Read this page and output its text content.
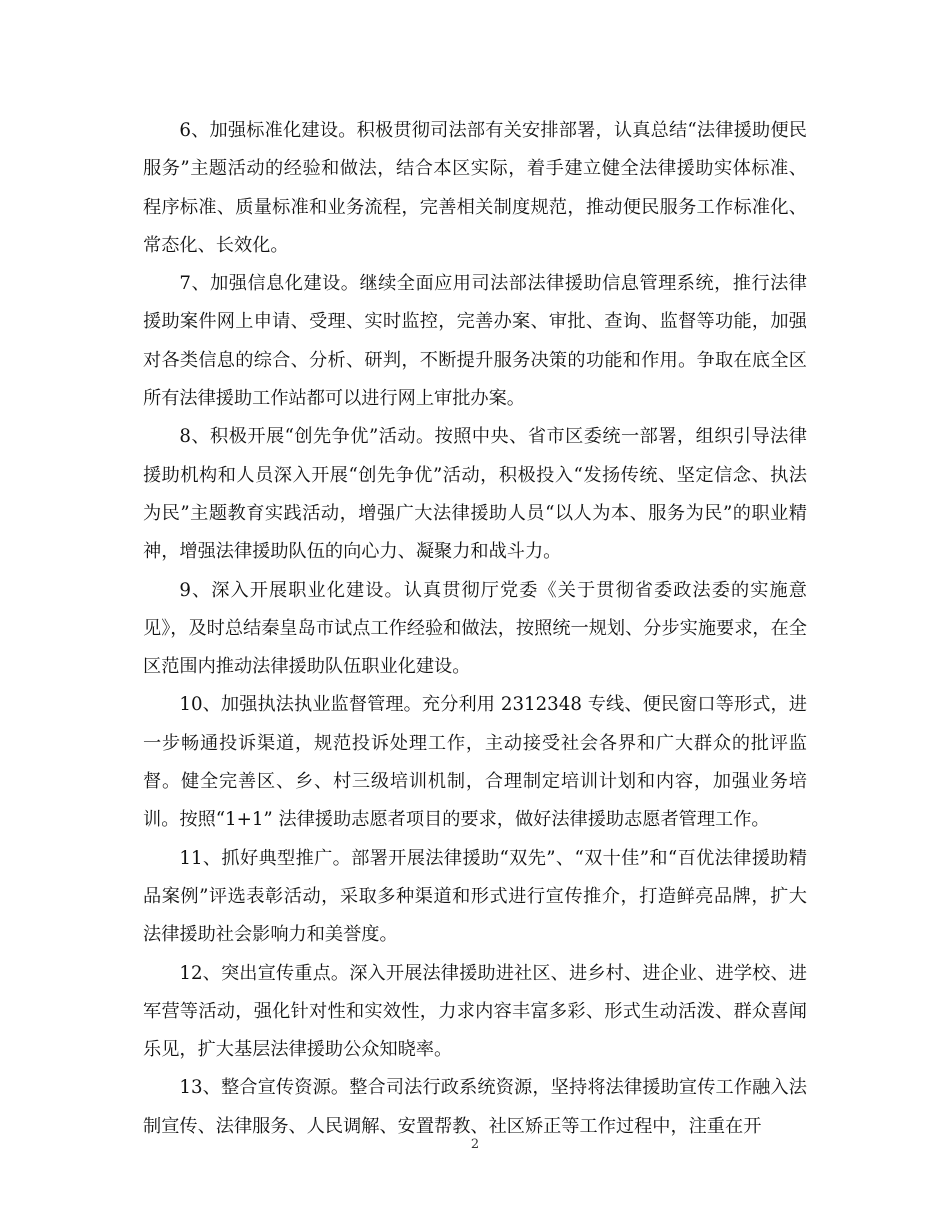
6、加强标准化建设。积极贯彻司法部有关安排部署，认真总结“法律援助便民服务”主题活动的经验和做法，结合本区实际，着手建立健全法律援助实体标准、程序标准、质量标准和业务流程，完善相关制度规范，推动便民服务工作标准化、常态化、长效化。

7、加强信息化建设。继续全面应用司法部法律援助信息管理系统，推行法律援助案件网上申请、受理、实时监控，完善办案、审批、查询、监督等功能，加强对各类信息的综合、分析、研判，不断提升服务决策的功能和作用。争取在底全区所有法律援助工作站都可以进行网上审批办案。

8、积极开展“创先争优”活动。按照中央、省市区委统一部署，组织引导法律援助机构和人员深入开展“创先争优”活动，积极投入“发扬传统、坚定信念、执法为民”主题教育实践活动，增强广大法律援助人员“以人为本、服务为民”的职业精神，增强法律援助队伍的向心力、凝聚力和战斗力。

9、深入开展职业化建设。认真贯彻厅党委《关于贯彻省委政法委的实施意见》，及时总结秦皇岛市试点工作经验和做法，按照统一规划、分步实施要求，在全区范围内推动法律援助队伍职业化建设。

10、加强执法执业监督管理。充分利用 2312348 专线、便民窗口等形式，进一步畅通投诉渠道，规范投诉处理工作，主动接受社会各界和广大群众的批评监督。健全完善区、乡、村三级培训机制，合理制定培训计划和内容，加强业务培训。按照“1+1” 法律援助志愿者项目的要求，做好法律援助志愿者管理工作。

11、抓好典型推广。部署开展法律援助“双先”、“双十佳”和“百优法律援助精品案例”评选表彰活动，采取多种渠道和形式进行宣传推介，打造鲜亮品牌，扩大法律援助社会影响力和美誉度。

12、突出宣传重点。深入开展法律援助进社区、进乡村、进企业、进学校、进军营等活动，强化针对性和实效性，力求内容丰富多彩、形式生动活泼、群众喜闻乐见，扩大基层法律援助公众知晓率。

13、整合宣传资源。整合司法行政系统资源，坚持将法律援助宣传工作融入法制宣传、法律服务、人民调解、安置帮教、社区矫正等工作过程中，注重在开

2
